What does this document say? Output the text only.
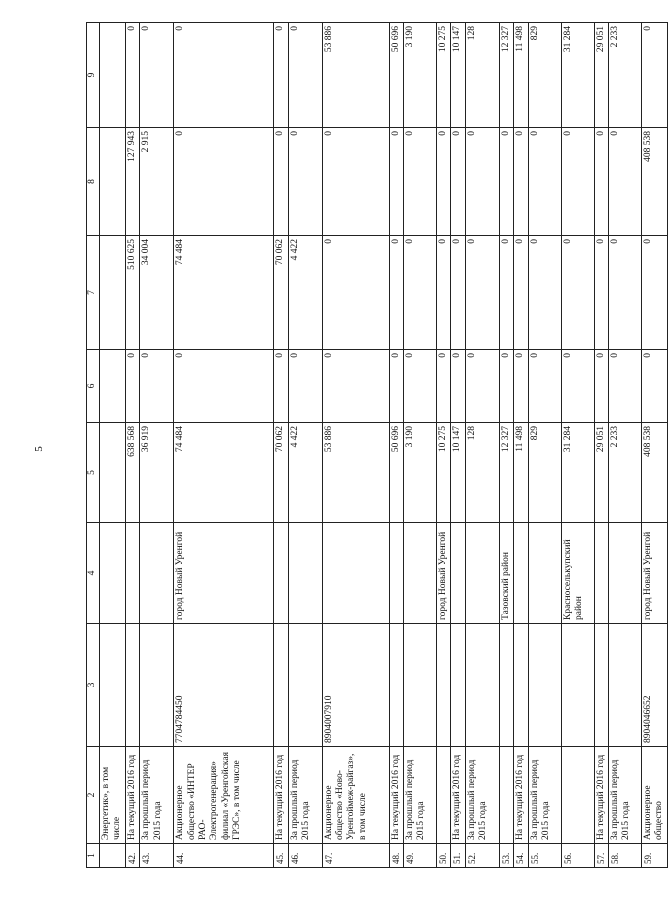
5
1	2	3	4	5	6	7	8	9
	Энергетик», в том числе							
42.	На текущий 2016 год			638 568	0	510 625	127 943	0
43.	За прошлый период 2015 года			36 919	0	34 004	2 915	0
44.	Акционерное общество «ИНТЕР РАО-Электрогенерация» филиал «Уренгойская ГРЭС», в том числе	7704784450	город Новый Уренгой	74 484	0	74 484	0	0
45.	На текущий 2016 год			70 062	0	70 062	0	0
46.	За прошлый период 2015 года			4 422	0	4 422	0	0
47.	Акционерное общество «Ново-Уренгоймеж-райгаз», в том числе	8904007910		53 886	0	0	0	53 886
48.	На текущий 2016 год			50 696	0	0	0	50 696
49.	За прошлый период 2015 года			3 190	0	0	0	3 190
50.			город Новый Уренгой	10 275	0	0	0	10 275
51.	На текущий 2016 год			10 147	0	0	0	10 147
52.	За прошлый период 2015 года			128	0	0	0	128
53.			Тазовский район	12 327	0	0	0	12 327
54.	На текущий 2016 год			11 498	0	0	0	11 498
55.	За прошлый период 2015 года			829	0	0	0	829
56.			Красноселькупский район	31 284	0	0	0	31 284
57.	На текущий 2016 год			29 051	0	0	0	29 051
58.	За прошлый период 2015 года			2 233	0	0	0	2 233
59.	Акционерное общество	8904046652	город Новый Уренгой	408 538	0	0	408 538	0
